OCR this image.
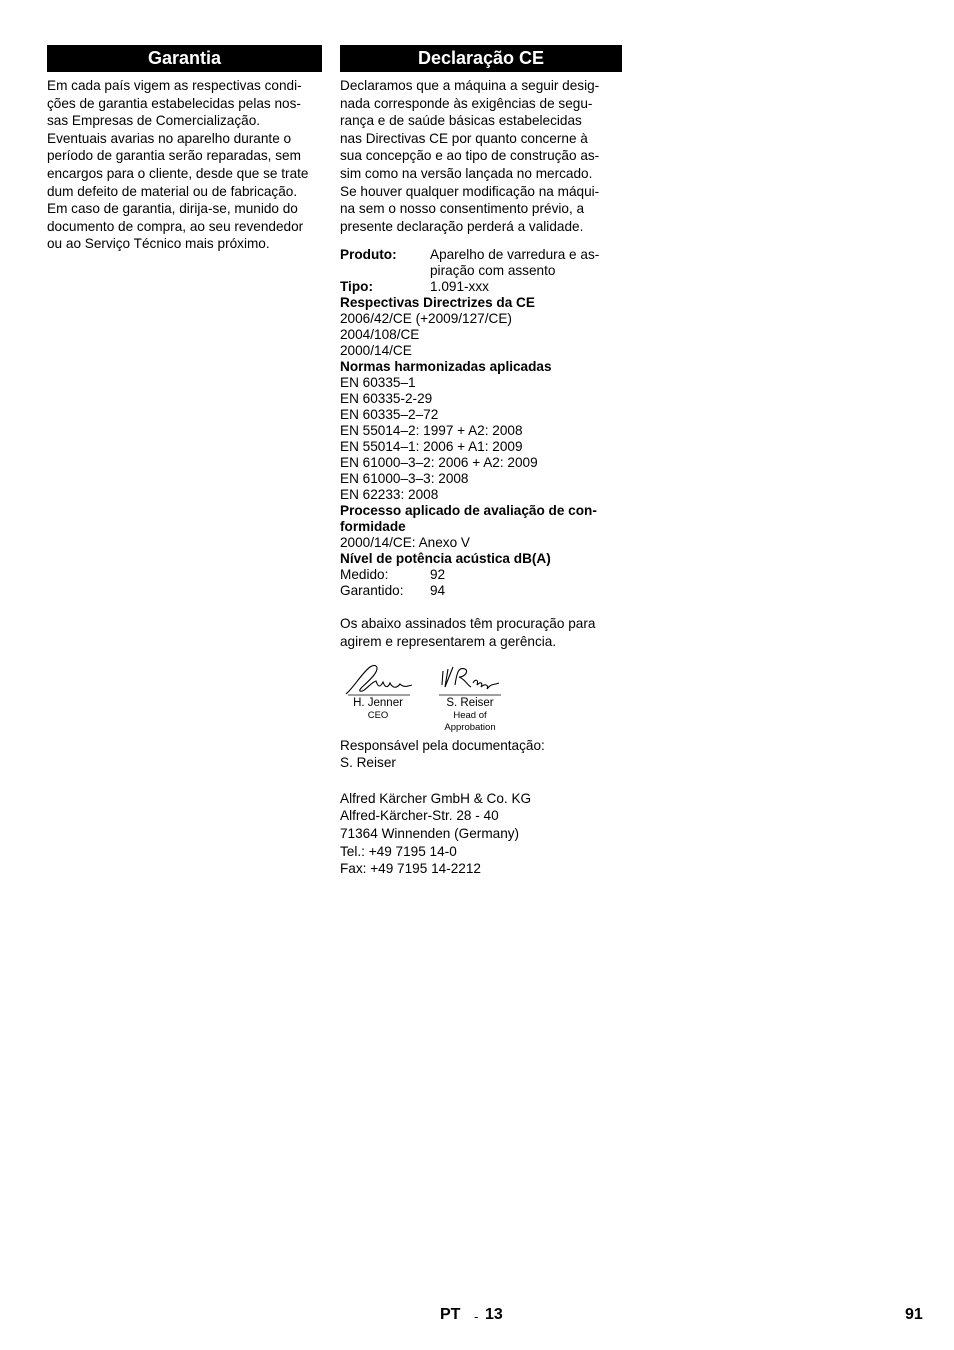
Garantia
Em cada país vigem as respectivas condi-
ções de garantia estabelecidas pelas nos-
sas Empresas de Comercialização.
Eventuais avarias no aparelho durante o
período de garantia serão reparadas, sem
encargos para o cliente, desde que se trate
dum defeito de material ou de fabricação.
Em caso de garantia, dirija-se, munido do
documento de compra, ao seu revendedor
ou ao Serviço Técnico mais próximo.
Declaração CE
Declaramos que a máquina a seguir desig-
nada corresponde às exigências de segu-
rança e de saúde básicas estabelecidas
nas Directivas CE por quanto concerne à
sua concepção e ao tipo de construção as-
sim como na versão lançada no mercado.
Se houver qualquer modificação na máqui-
na sem o nosso consentimento prévio, a
presente declaração perderá a validade.
Produto:	Aparelho de varredura e as-
piração com assento
Tipo:	1.091-xxx
Respectivas Directrizes da CE
2006/42/CE (+2009/127/CE)
2004/108/CE
2000/14/CE
Normas harmonizadas aplicadas
EN 60335–1
EN 60335-2-29
EN 60335–2–72
EN 55014–2: 1997 + A2: 2008
EN 55014–1: 2006 + A1: 2009
EN 61000–3–2: 2006 + A2: 2009
EN 61000–3–3: 2008
EN 62233: 2008
Processo aplicado de avaliação de con-
formidade
2000/14/CE: Anexo V
Nível de potência acústica dB(A)
Medido:	92
Garantido:	94
Os abaixo assinados têm procuração para
agirem e representarem a gerência.
H. Jenner
CEO
S. Reiser
Head of Approbation
Responsável pela documentação:
S. Reiser
Alfred Kärcher GmbH & Co. KG
Alfred-Kärcher-Str. 28 - 40
71364 Winnenden (Germany)
Tel.: +49 7195 14-0
Fax: +49 7195 14-2212
PT - 13	91
